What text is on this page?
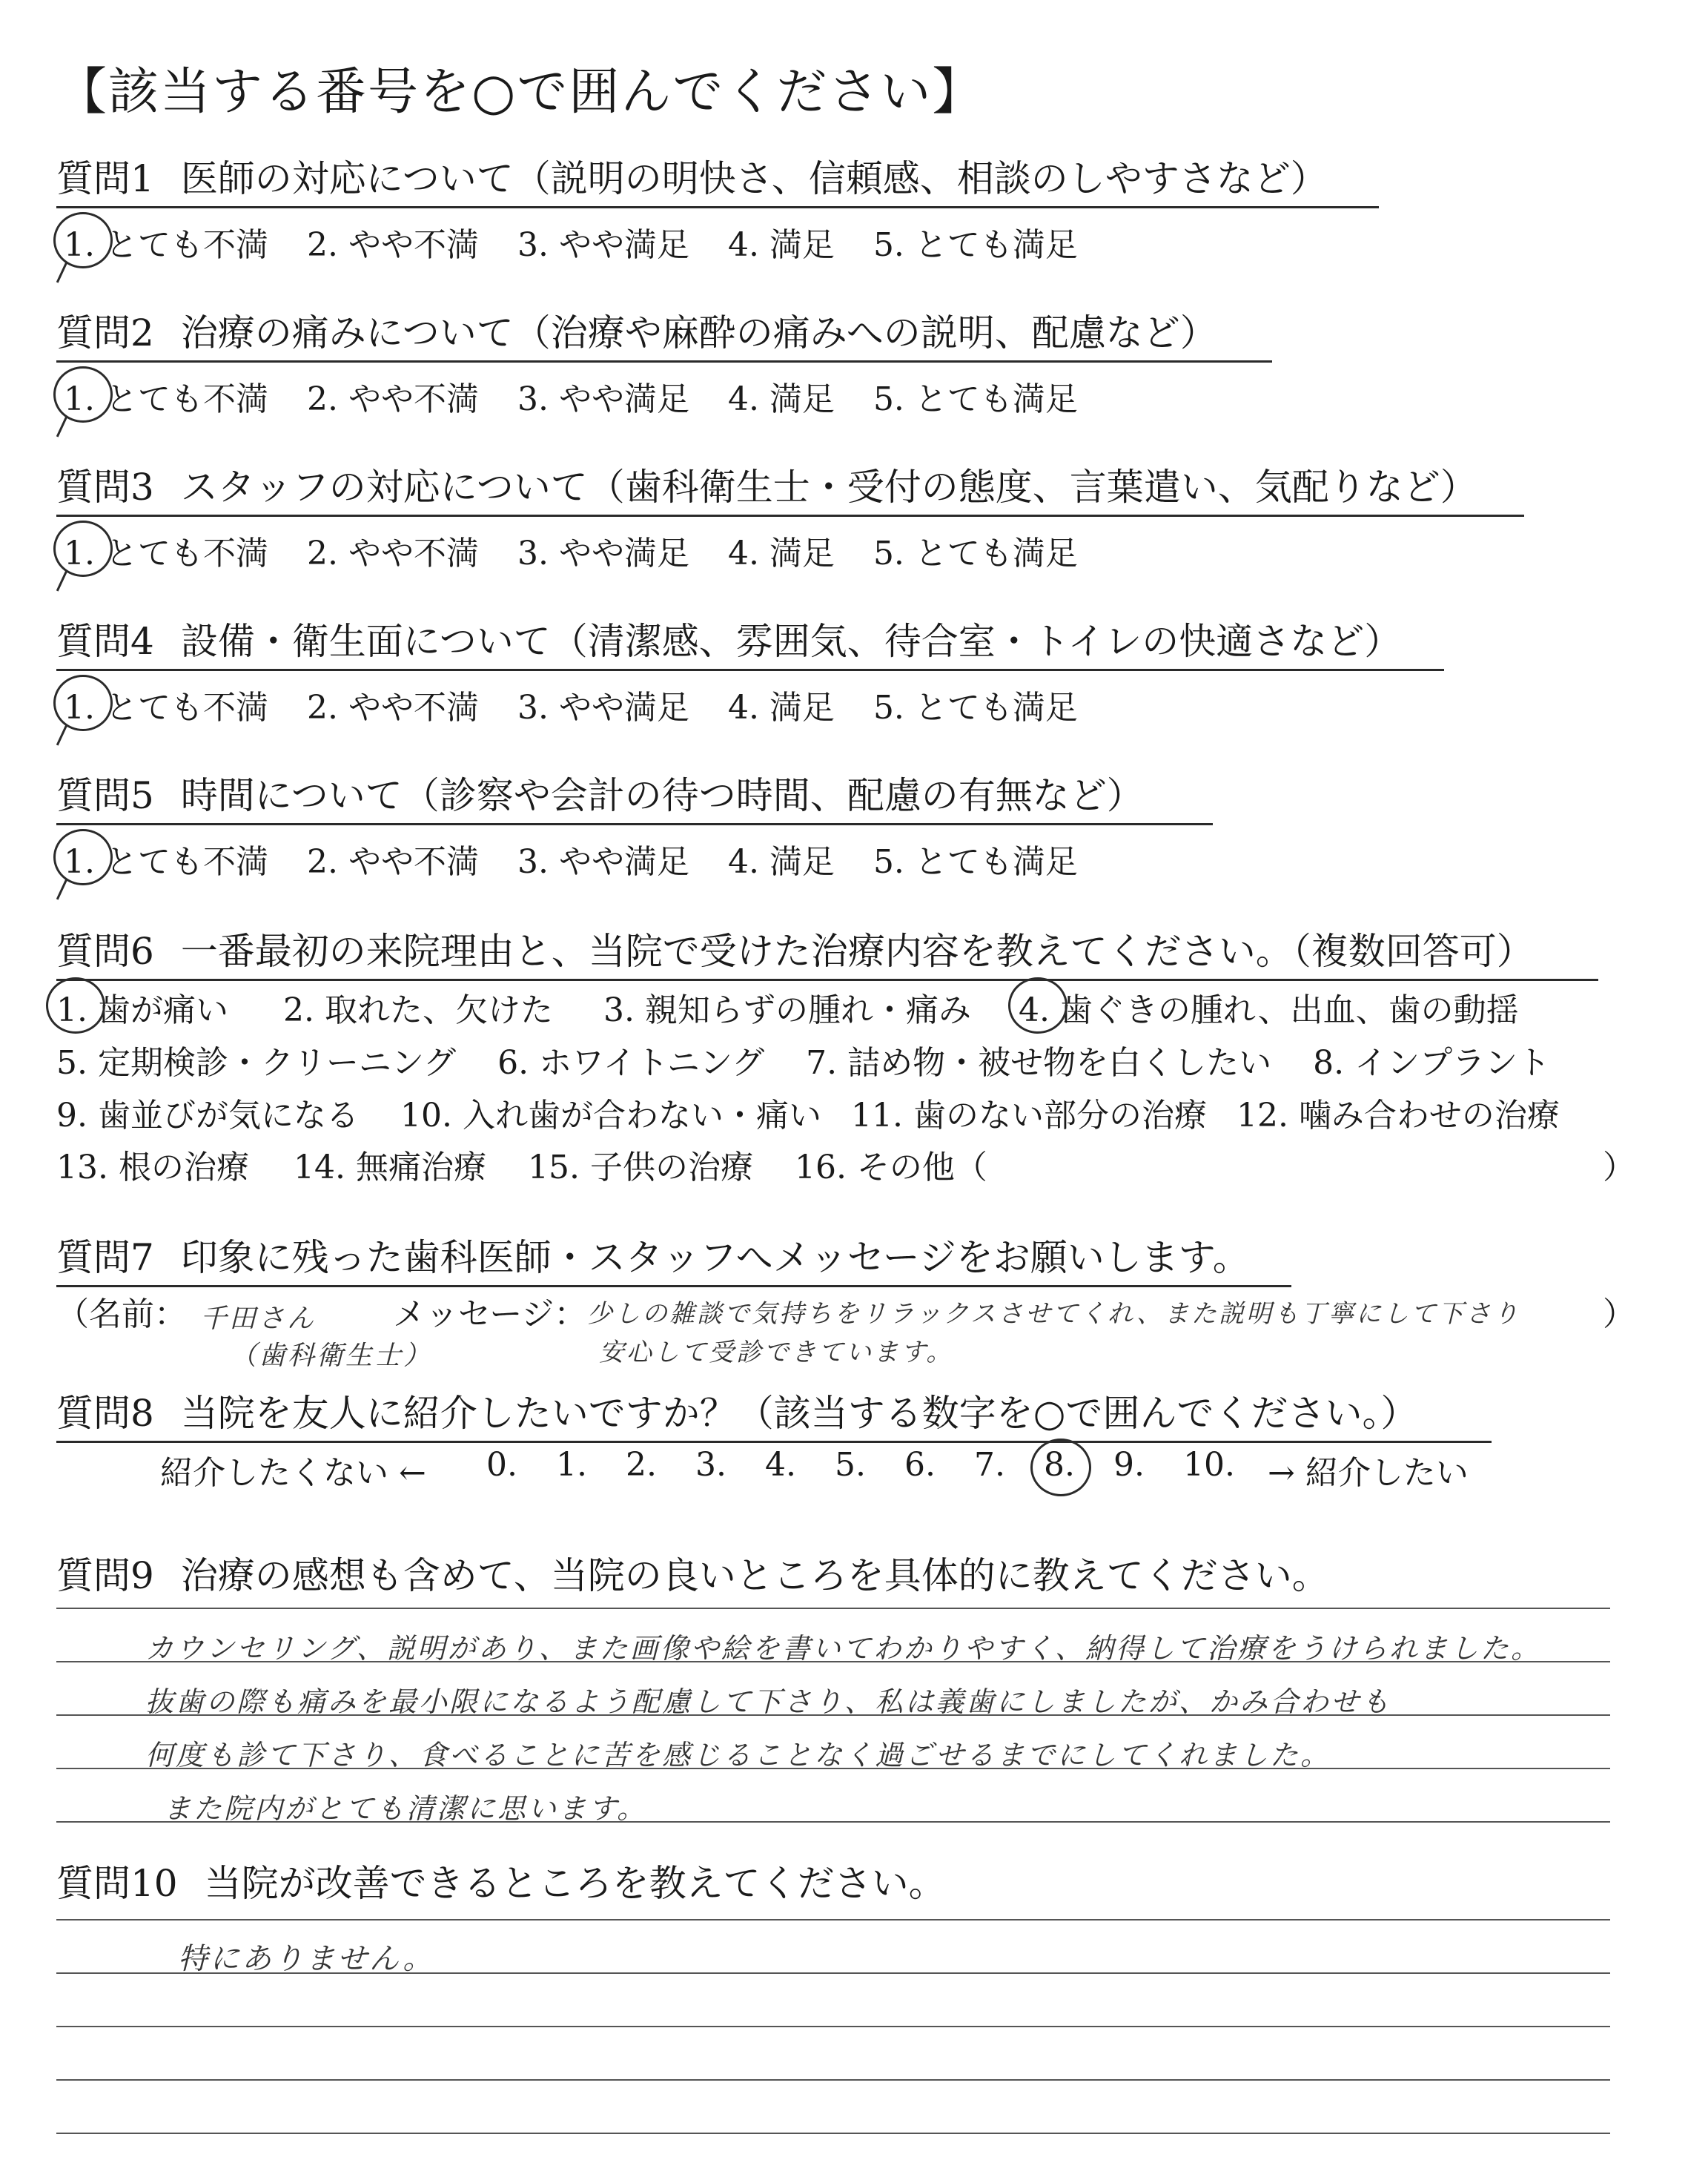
【該当する番号を○で囲んでください】
質問1 医師の対応について（説明の明快さ、信頼感、相談のしやすさなど）
1. とても不満 2. やや不満 3. やや満足 4. 満足 5. とても満足
質問2 治療の痛みについて（治療や麻酔の痛みへの説明、配慮など）
1. とても不満 2. やや不満 3. やや満足 4. 満足 5. とても満足
質問3 スタッフの対応について（歯科衛生士・受付の態度、言葉遣い、気配りなど）
1. とても不満 2. やや不満 3. やや満足 4. 満足 5. とても満足
質問4 設備・衛生面について（清潔感、雰囲気、待合室・トイレの快適さなど）
1. とても不満 2. やや不満 3. やや満足 4. 満足 5. とても満足
質問5 時間について（診察や会計の待つ時間、配慮の有無など）
1. とても不満 2. やや不満 3. やや満足 4. 満足 5. とても満足
質問6 一番最初の来院理由と、当院で受けた治療内容を教えてください。（複数回答可）
1. 歯が痛い 2. 取れた、欠けた 3. 親知らずの腫れ・痛み 4. 歯ぐきの腫れ、出血、歯の動揺
5. 定期検診・クリーニング 6. ホワイトニング 7. 詰め物・被せ物を白くしたい 8. インプラント
9. 歯並びが気になる 10. 入れ歯が合わない・痛い 11. 歯のない部分の治療 12. 噛み合わせの治療
13. 根の治療 14. 無痛治療 15. 子供の治療 16. その他（	）
質問7 印象に残った歯科医師・スタッフへメッセージをお願いします。
（名前： 千田さん
（歯科衛生士）
メッセージ： 少しの雑談で気持ちをリラックスさせてくれ、また説明も丁寧にして下さり
安心して受診できています。
）
質問8 当院を友人に紹介したいですか？（該当する数字を○で囲んでください。）
紹介したくない ← 0. 1. 2. 3. 4. 5. 6. 7. 8. 9. 10. → 紹介したい
質問9 治療の感想も含めて、当院の良いところを具体的に教えてください。
カウンセリング、説明があり、また画像や絵を書いてわかりやすく、納得して治療をうけられました。
抜歯の際も痛みを最小限になるよう配慮して下さり、私は義歯にしましたが、かみ合わせも
何度も診て下さり、食べることに苦を感じることなく過ごせるまでにしてくれました。
また院内がとても清潔に思います。
質問10 当院が改善できるところを教えてください。
特にありません。
